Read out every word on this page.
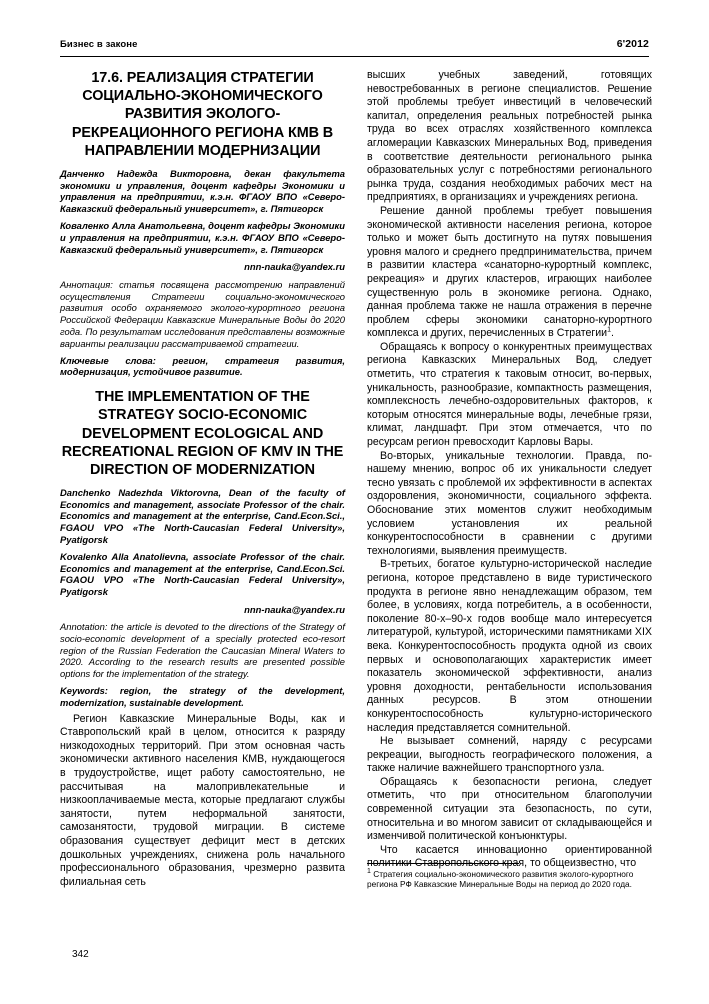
Бизнес в законе	6'2012
17.6. РЕАЛИЗАЦИЯ СТРАТЕГИИ СОЦИАЛЬНО-ЭКОНОМИЧЕСКОГО РАЗВИТИЯ ЭКОЛОГО-РЕКРЕАЦИОННОГО РЕГИОНА КМВ В НАПРАВЛЕНИИ МОДЕРНИЗАЦИИ

Данченко Надежда Викторовна, декан факультета экономики и управления, доцент кафедры Экономики и управления на предприятии, к.э.н. ФГАОУ ВПО «Северо-Кавказский федеральный университет», г. Пятигорск

Коваленко Алла Анатольевна, доцент кафедры Экономики и управления на предприятии, к.э.н. ФГАОУ ВПО «Северо-Кавказский федеральный университет», г. Пятигорск

nnn-nauka@yandex.ru

Аннотация: статья посвящена рассмотрению направлений осуществления Стратегии социально-экономического развития особо охраняемого эколого-курортного региона Российской Федерации Кавказские Минеральные Воды до 2020 года. По результатам исследования представлены возможные варианты реализации рассматриваемой стратегии.

Ключевые слова: регион, стратегия развития, модернизация, устойчивое развитие.

THE IMPLEMENTATION OF THE STRATEGY SOCIO-ECONOMIC DEVELOPMENT ECOLOGICAL AND RECREATIONAL REGION OF KMV IN THE DIRECTION OF MODERNIZATION

Danchenko Nadezhda Viktorovna, Dean of the faculty of Economics and management, associate Professor of the chair. Economics and management at the enterprise, Cand.Econ.Sci., FGAOU VPO «The North-Caucasian Federal University», Pyatigorsk

Kovalenko Alla Anatolievna, associate Professor of the chair. Economics and management at the enterprise, Cand.Econ.Sci. FGAOU VPO «The North-Caucasian Federal University», Pyatigorsk

nnn-nauka@yandex.ru

Annotation: the article is devoted to the directions of the Strategy of socio-economic development of a specially protected eco-resort region of the Russian Federation the Caucasian Mineral Waters to 2020. According to the research results are presented possible options for the implementation of the strategy.

Keywords: region, the strategy of the development, modernization, sustainable development.

Регион Кавказские Минеральные Воды, как и Ставропольский край в целом, относится к разряду низкодоходных территорий. При этом основная часть экономически активного населения КМВ, нуждающегося в трудоустройстве, ищет работу самостоятельно, не рассчитывая на малопривлекательные и низкооплачиваемые места, которые предлагают службы занятости, путем неформальной занятости, самозанятости, трудовой миграции. В системе образования существует дефицит мест в детских дошкольных учреждениях, снижена роль начального профессионального образования, чрезмерно развита филиальная сеть

высших учебных заведений, готовящих невостребованных в регионе специалистов. Решение этой проблемы требует инвестиций в человеческий капитал, определения реальных потребностей рынка труда во всех отраслях хозяйственного комплекса агломерации Кавказских Минеральных Вод, приведения в соответствие деятельности регионального рынка образовательных услуг с потребностями регионального рынка труда, создания необходимых рабочих мест на предприятиях, в организациях и учреждениях региона.

Решение данной проблемы требует повышения экономической активности населения региона, которое только и может быть достигнуто на путях повышения уровня малого и среднего предпринимательства, причем в развитии кластера «санаторно-курортный комплекс, рекреация» и других кластеров, играющих наиболее существенную роль в экономике региона. Однако, данная проблема также не нашла отражения в перечне проблем сферы экономики санаторно-курортного комплекса и других, перечисленных в Стратегии$^1$.

Обращаясь к вопросу о конкурентных преимуществах региона Кавказских Минеральных Вод, следует отметить, что стратегия к таковым относит, во-первых, уникальность, разнообразие, компактность размещения, комплексность лечебно-оздоровительных факторов, к которым относятся минеральные воды, лечебные грязи, климат, ландшафт. При этом отмечается, что по ресурсам регион превосходит Карловы Вары.

Во-вторых, уникальные технологии. Правда, по-нашему мнению, вопрос об их уникальности следует тесно увязать с проблемой их эффективности в аспектах оздоровления, экономичности, социального эффекта. Обоснование этих моментов служит необходимым условием установления их реальной конкурентоспособности в сравнении с другими технологиями, выявления преимуществ.

В-третьих, богатое культурно-исторической наследие региона, которое представлено в виде туристического продукта в регионе явно ненадлежащим образом, тем более, в условиях, когда потребитель, а в особенности, поколение 80-х–90-х годов вообще мало интересуется литературой, культурой, историческими памятниками XIX века. Конкурентоспособность продукта одной из своих первых и основополагающих характеристик имеет показатель экономической эффективности, анализ уровня доходности, рентабельности использования данных ресурсов. В этом отношении конкурентоспособность культурно-исторического наследия представляется сомнительной.

Не вызывает сомнений, наряду с ресурсами рекреации, выгодность географического положения, а также наличие важнейшего транспортного узла.

Обращаясь к безопасности региона, следует отметить, что при относительном благополучии современной ситуации эта безопасность, по сути, относительна и во многом зависит от складывающейся и изменчивой политической конъюнктуры.

Что касается инновационно ориентированной политики Ставропольского края, то общеизвестно, что

$^1$ Стратегия социально-экономического развития эколого-курортного региона РФ Кавказские Минеральные Воды на период до 2020 года.

342
